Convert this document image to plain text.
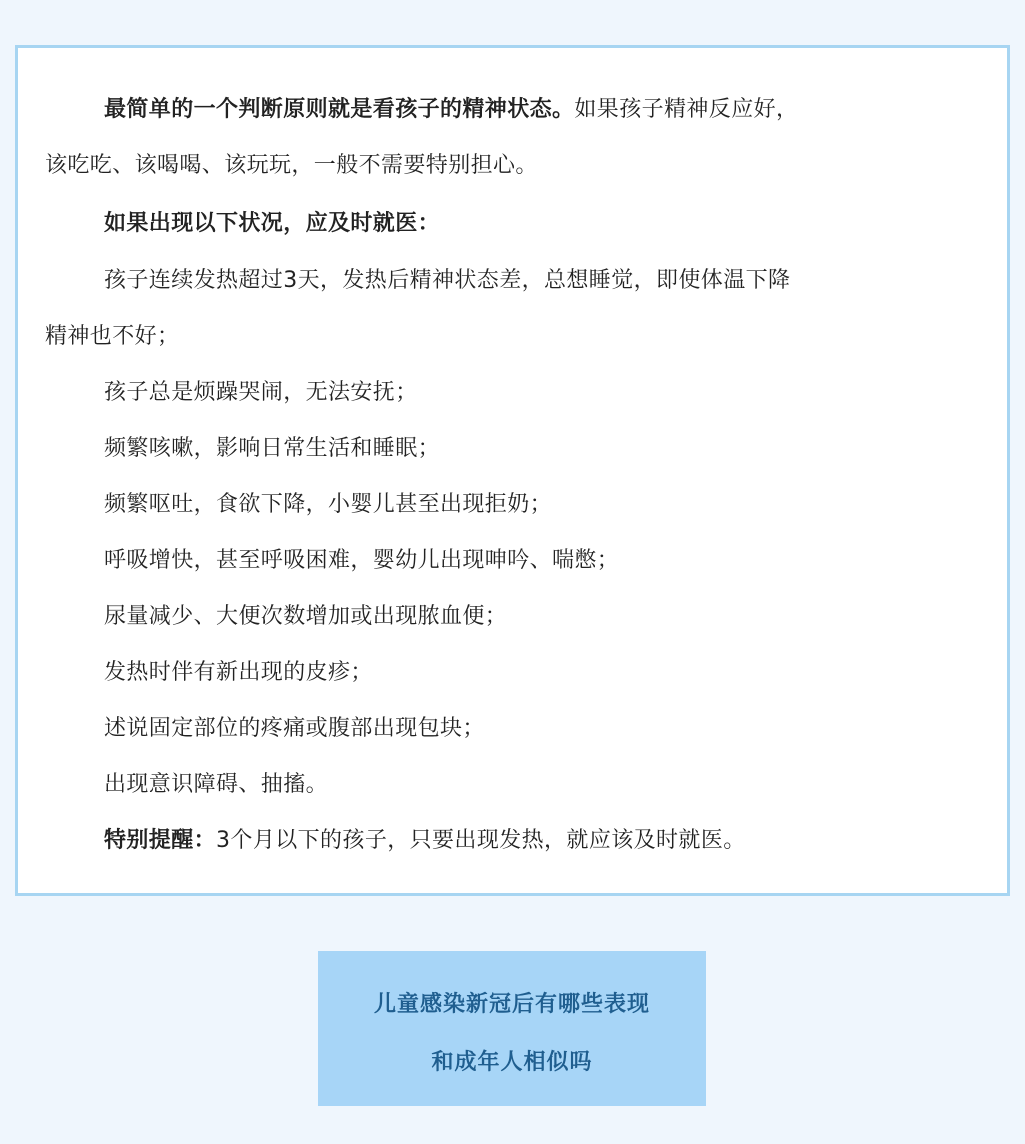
最简单的一个判断原则就是看孩子的精神状态。如果孩子精神反应好，
该吃吃、该喝喝、该玩玩，一般不需要特别担心。
如果出现以下状况，应及时就医：
孩子连续发热超过3天，发热后精神状态差，总想睡觉，即使体温下降
精神也不好；
孩子总是烦躁哭闹，无法安抚；
频繁咳嗽，影响日常生活和睡眠；
频繁呕吐，食欲下降，小婴儿甚至出现拒奶；
呼吸增快，甚至呼吸困难，婴幼儿出现呻吟、喘憋；
尿量减少、大便次数增加或出现脓血便；
发热时伴有新出现的皮疹；
述说固定部位的疼痛或腹部出现包块；
出现意识障碍、抽搐。
特别提醒：3个月以下的孩子，只要出现发热，就应该及时就医。
儿童感染新冠后有哪些表现
和成年人相似吗
